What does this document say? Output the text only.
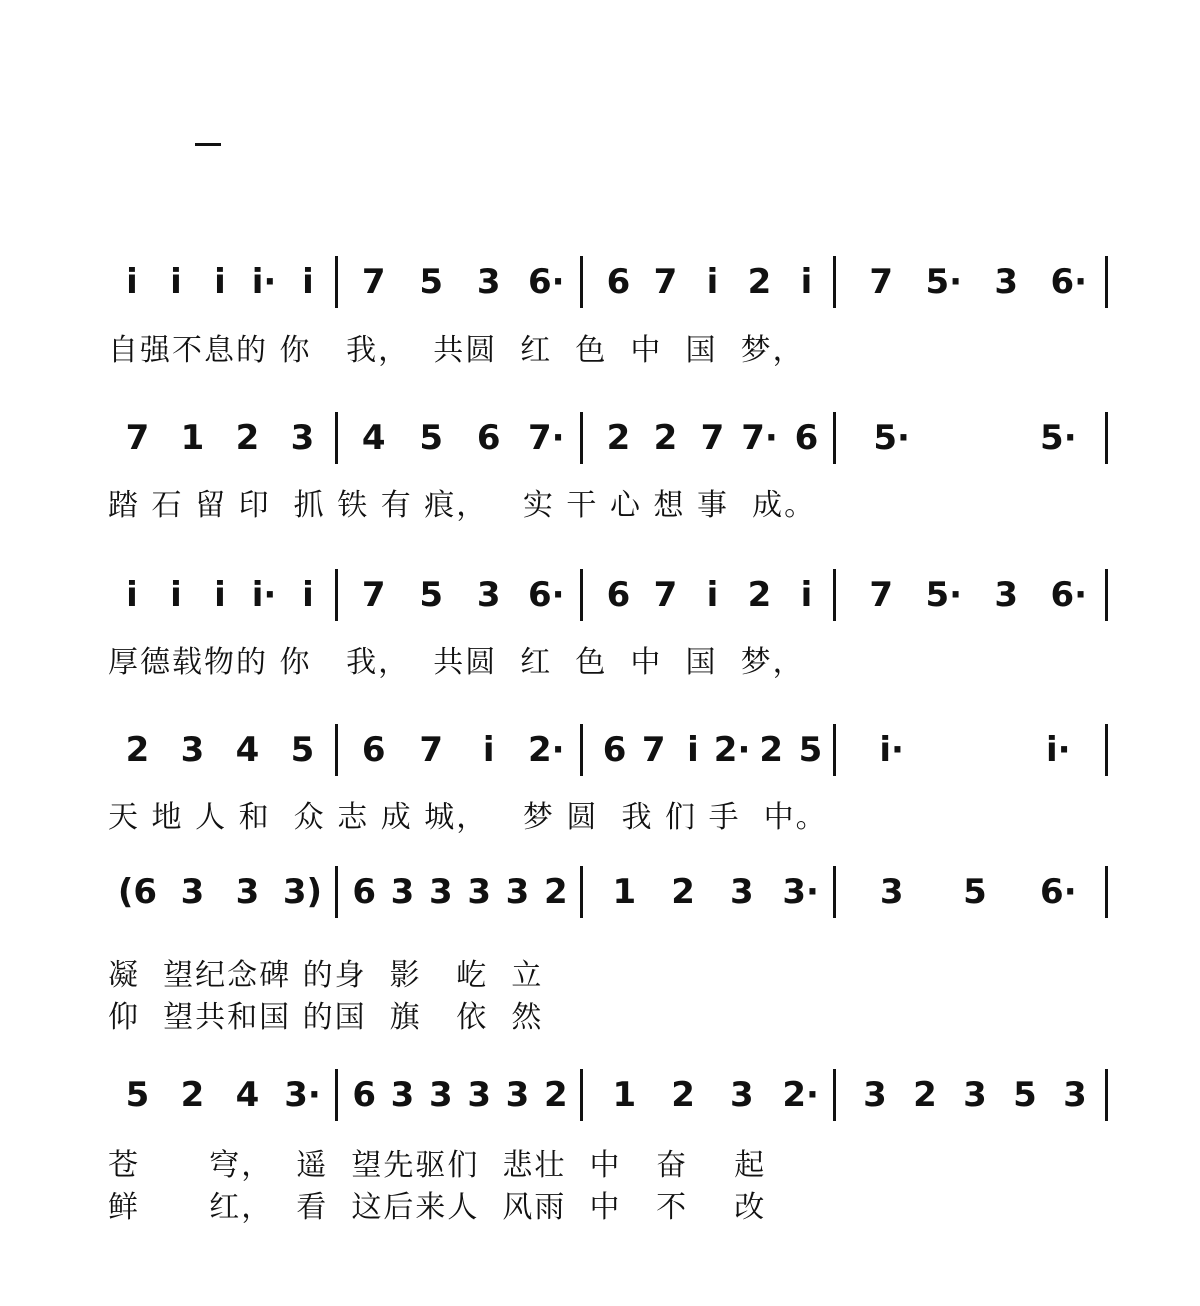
i i i i· i	7 5 3 6·	6 7 i 2 i	7 5· 3 6·
自强不息的 你   我，  共圆  红  色  中  国  梦，
7 1 2 3	4 5 6 7·	2 2 7 7· 6	5·	5·
踏 石 留 印  抓 铁 有 痕，   实 干 心 想 事  成。
i i i i· i	7 5 3 6·	6 7 i 2 i	7 5· 3 6·
厚德载物的 你   我，  共圆  红  色  中  国  梦，
2 3 4 5	6 7	i 2·	6 7 i 2· 2 5	i·	i·
天 地 人 和  众 志 成 城，   梦 圆  我 们 手  中。
(6 3 3 3) 6 3 3 3 3 2	1	2	3 3·	3	5	6·
凝  望纪念碑 的身  影   屹  立
仰  望共和国 的国  旗   依  然
5 2 4 3· 6 3 3 3 3 2	1	2	3 2·	3 2 3 5 3
苍      穹，  遥  望先驱们  悲壮  中   奋    起
鲜      红，  看  这后来人  风雨  中   不    改
